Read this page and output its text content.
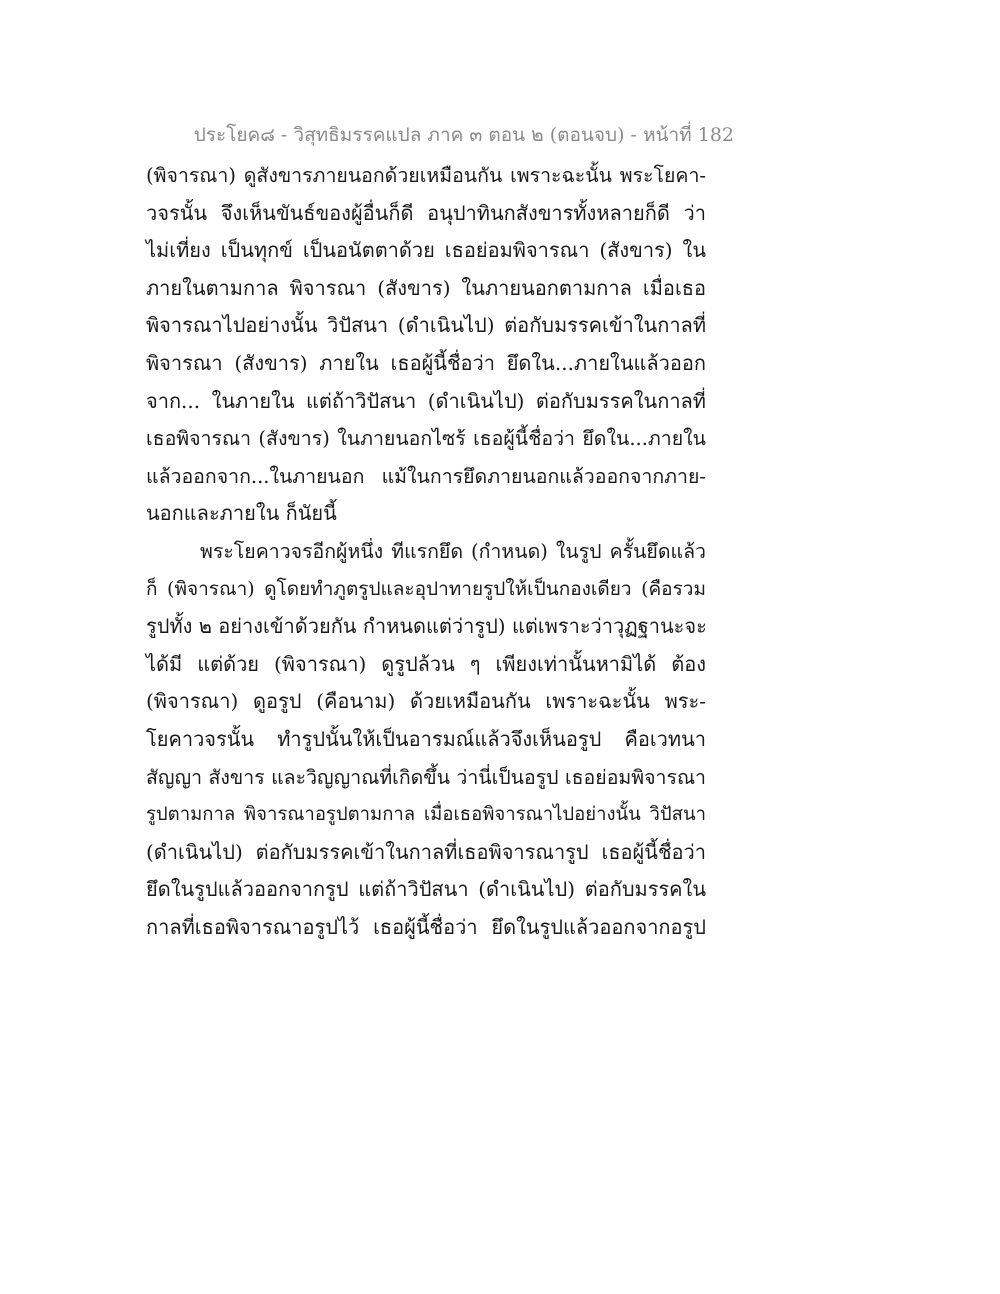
ประโยค๘ - วิสุทธิมรรคแปล ภาค ๓ ตอน ๒ (ตอนจบ) - หน้าที่ 182
(พิจารณา) ดูสังขารภายนอกด้วยเหมือนกัน เพราะฉะนั้น พระโยคา-
วจรนั้น จึงเห็นขันธ์ของผู้อื่นก็ดี อนุปาทินกสังขารทั้งหลายก็ดี ว่า
ไม่เที่ยง เป็นทุกข์ เป็นอนัตตาด้วย เธอย่อมพิจารณา (สังขาร) ใน
ภายในตามกาล พิจารณา (สังขาร) ในภายนอกตามกาล เมื่อเธอ
พิจารณาไปอย่างนั้น วิปัสนา (ดำเนินไป) ต่อกับมรรคเข้าในกาลที่
พิจารณา (สังขาร) ภายใน เธอผู้นี้ชื่อว่า ยึดใน...ภายในแล้วออก
จาก... ในภายใน แต่ถ้าวิปัสนา (ดำเนินไป) ต่อกับมรรคในกาลที่
เธอพิจารณา (สังขาร) ในภายนอกไซร้ เธอผู้นี้ชื่อว่า ยึดใน...ภายใน
แล้วออกจาก...ในภายนอก แม้ในการยึดภายนอกแล้วออกจากภาย-
นอกและภายใน ก็นัยนี้
พระโยคาวจรอีกผู้หนึ่ง ทีแรกยึด (กำหนด) ในรูป ครั้นยึดแล้ว
ก็ (พิจารณา) ดูโดยทำภูตรูปและอุปาทายรูปให้เป็นกองเดียว (คือรวม
รูปทั้ง ๒ อย่างเข้าด้วยกัน กำหนดแต่ว่ารูป) แต่เพราะว่าวุฏฐานะจะ
ได้มี แต่ด้วย (พิจารณา) ดูรูปล้วน ๆ เพียงเท่านั้นหามิได้ ต้อง
(พิจารณา) ดูอรูป (คือนาม) ด้วยเหมือนกัน เพราะฉะนั้น พระ-
โยคาวจรนั้น ทำรูปนั้นให้เป็นอารมณ์แล้วจึงเห็นอรูป คือเวทนา
สัญญา สังขาร และวิญญาณที่เกิดขึ้น ว่านี่เป็นอรูป เธอย่อมพิจารณา
รูปตามกาล พิจารณาอรูปตามกาล เมื่อเธอพิจารณาไปอย่างนั้น วิปัสนา
(ดำเนินไป) ต่อกับมรรคเข้าในกาลที่เธอพิจารณารูป เธอผู้นี้ชื่อว่า
ยึดในรูปแล้วออกจากรูป แต่ถ้าวิปัสนา (ดำเนินไป) ต่อกับมรรคใน
กาลที่เธอพิจารณาอรูปไว้ เธอผู้นี้ชื่อว่า ยึดในรูปแล้วออกจากอรูป
